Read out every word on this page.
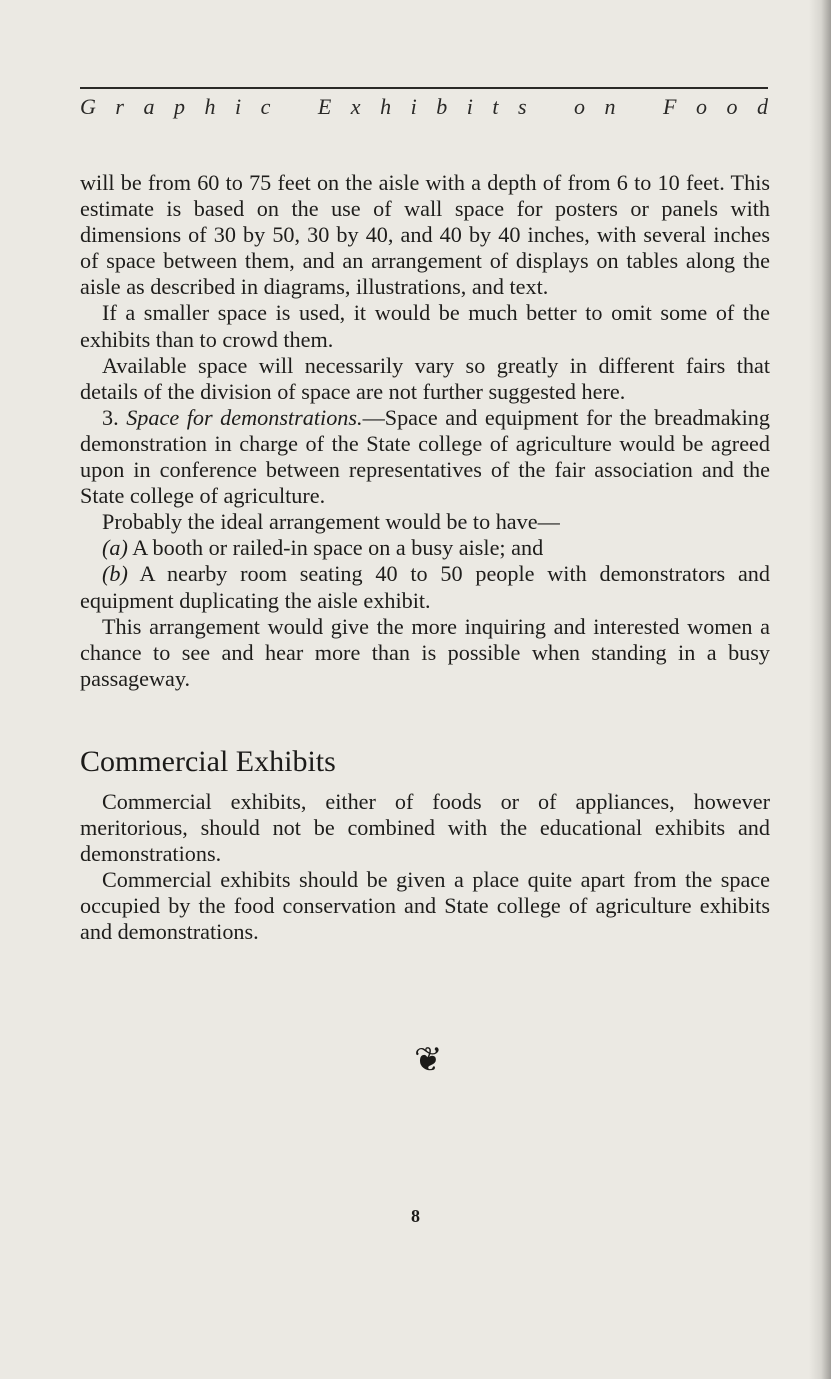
G r a p h i c E x h i b i t s o n F o o d

will be from 60 to 75 feet on the aisle with a depth of from 6 to 10 feet. This estimate is based on the use of wall space for posters or panels with dimensions of 30 by 50, 30 by 40, and 40 by 40 inches, with several inches of space between them, and an arrangement of displays on tables along the aisle as described in diagrams, illustrations, and text.

If a smaller space is used, it would be much better to omit some of the exhibits than to crowd them.

Available space will necessarily vary so greatly in different fairs that details of the division of space are not further suggested here.

3. Space for demonstrations.—Space and equipment for the breadmaking demonstration in charge of the State college of agriculture would be agreed upon in conference between representatives of the fair association and the State college of agriculture.

Probably the ideal arrangement would be to have—

(a) A booth or railed-in space on a busy aisle; and

(b) A nearby room seating 40 to 50 people with demonstrators and equipment duplicating the aisle exhibit.

This arrangement would give the more inquiring and interested women a chance to see and hear more than is possible when standing in a busy passageway.

Commercial Exhibits

Commercial exhibits, either of foods or of appliances, however meritorious, should not be combined with the educational exhibits and demonstrations.

Commercial exhibits should be given a place quite apart from the space occupied by the food conservation and State college of agriculture exhibits and demonstrations.

❦
8
